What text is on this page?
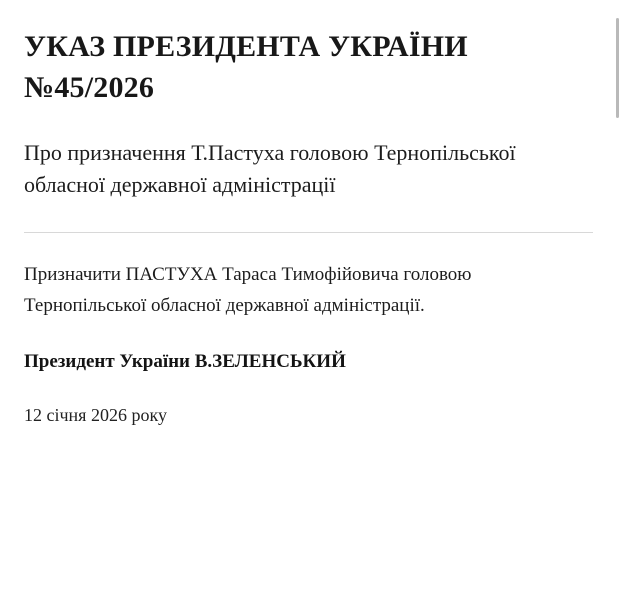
УКАЗ ПРЕЗИДЕНТА УКРАЇНИ №45/2026
Про призначення Т.Пастуха головою Тернопільської обласної державної адміністрації

Призначити ПАСТУХА Тараса Тимофійовича головою Тернопільської обласної державної адміністрації.

Президент України В.ЗЕЛЕНСЬКИЙ

12 січня 2026 року
